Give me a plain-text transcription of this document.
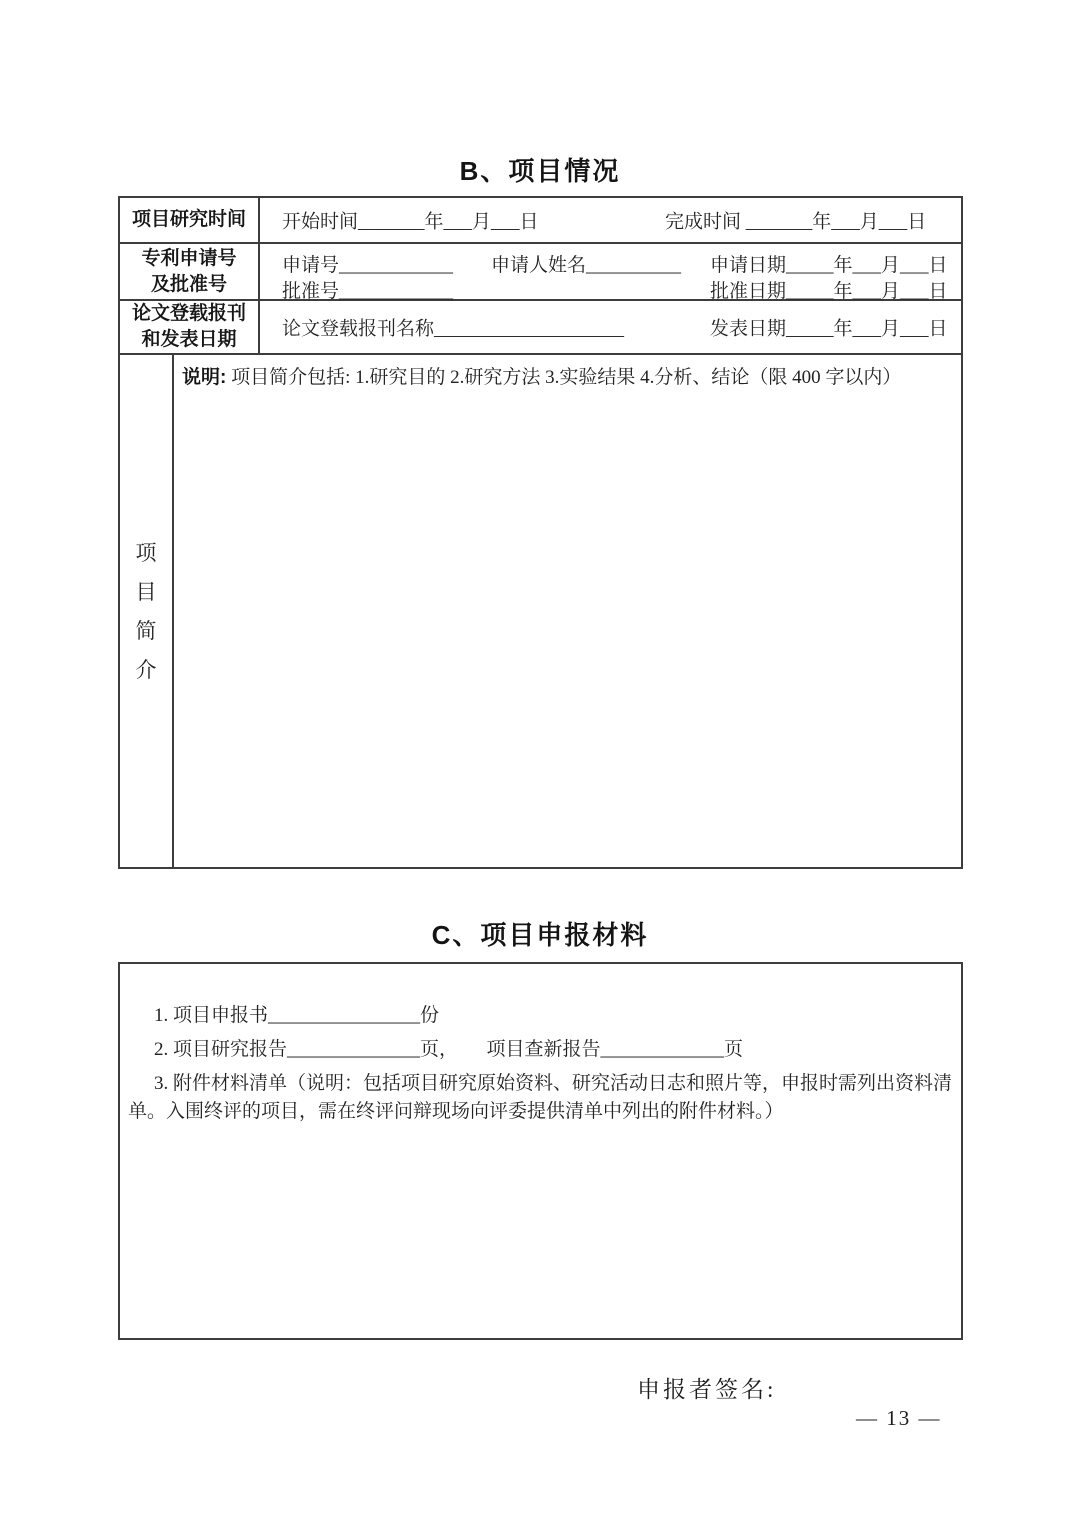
B、项目情况
项目研究时间 开始时间_______年___月___日	完成时间 _______年___月___日
专利申请号
及批准号
申请号____________ 申请人姓名__________ 申请日期_____年___月___日
批准号____________	批准日期_____年___月___日
论文登载报刊
和发表日期 论文登载报刊名称____________________	发表日期_____年___月___日
项
目
简
介

说明: 项目简介包括: 1.研究目的 2.研究方法 3.实验结果 4.分析、结论（限 400 字以内）

C、项目申报材料

1. 项目申报书________________份

2. 项目研究报告______________页，　　项目查新报告_____________页

3. 附件材料清单（说明：包括项目研究原始资料、研究活动日志和照片等，申报时需列出资料清单。入围终评的项目，需在终评问辩现场向评委提供清单中列出的附件材料。）

申报者签名:
— 13 —
